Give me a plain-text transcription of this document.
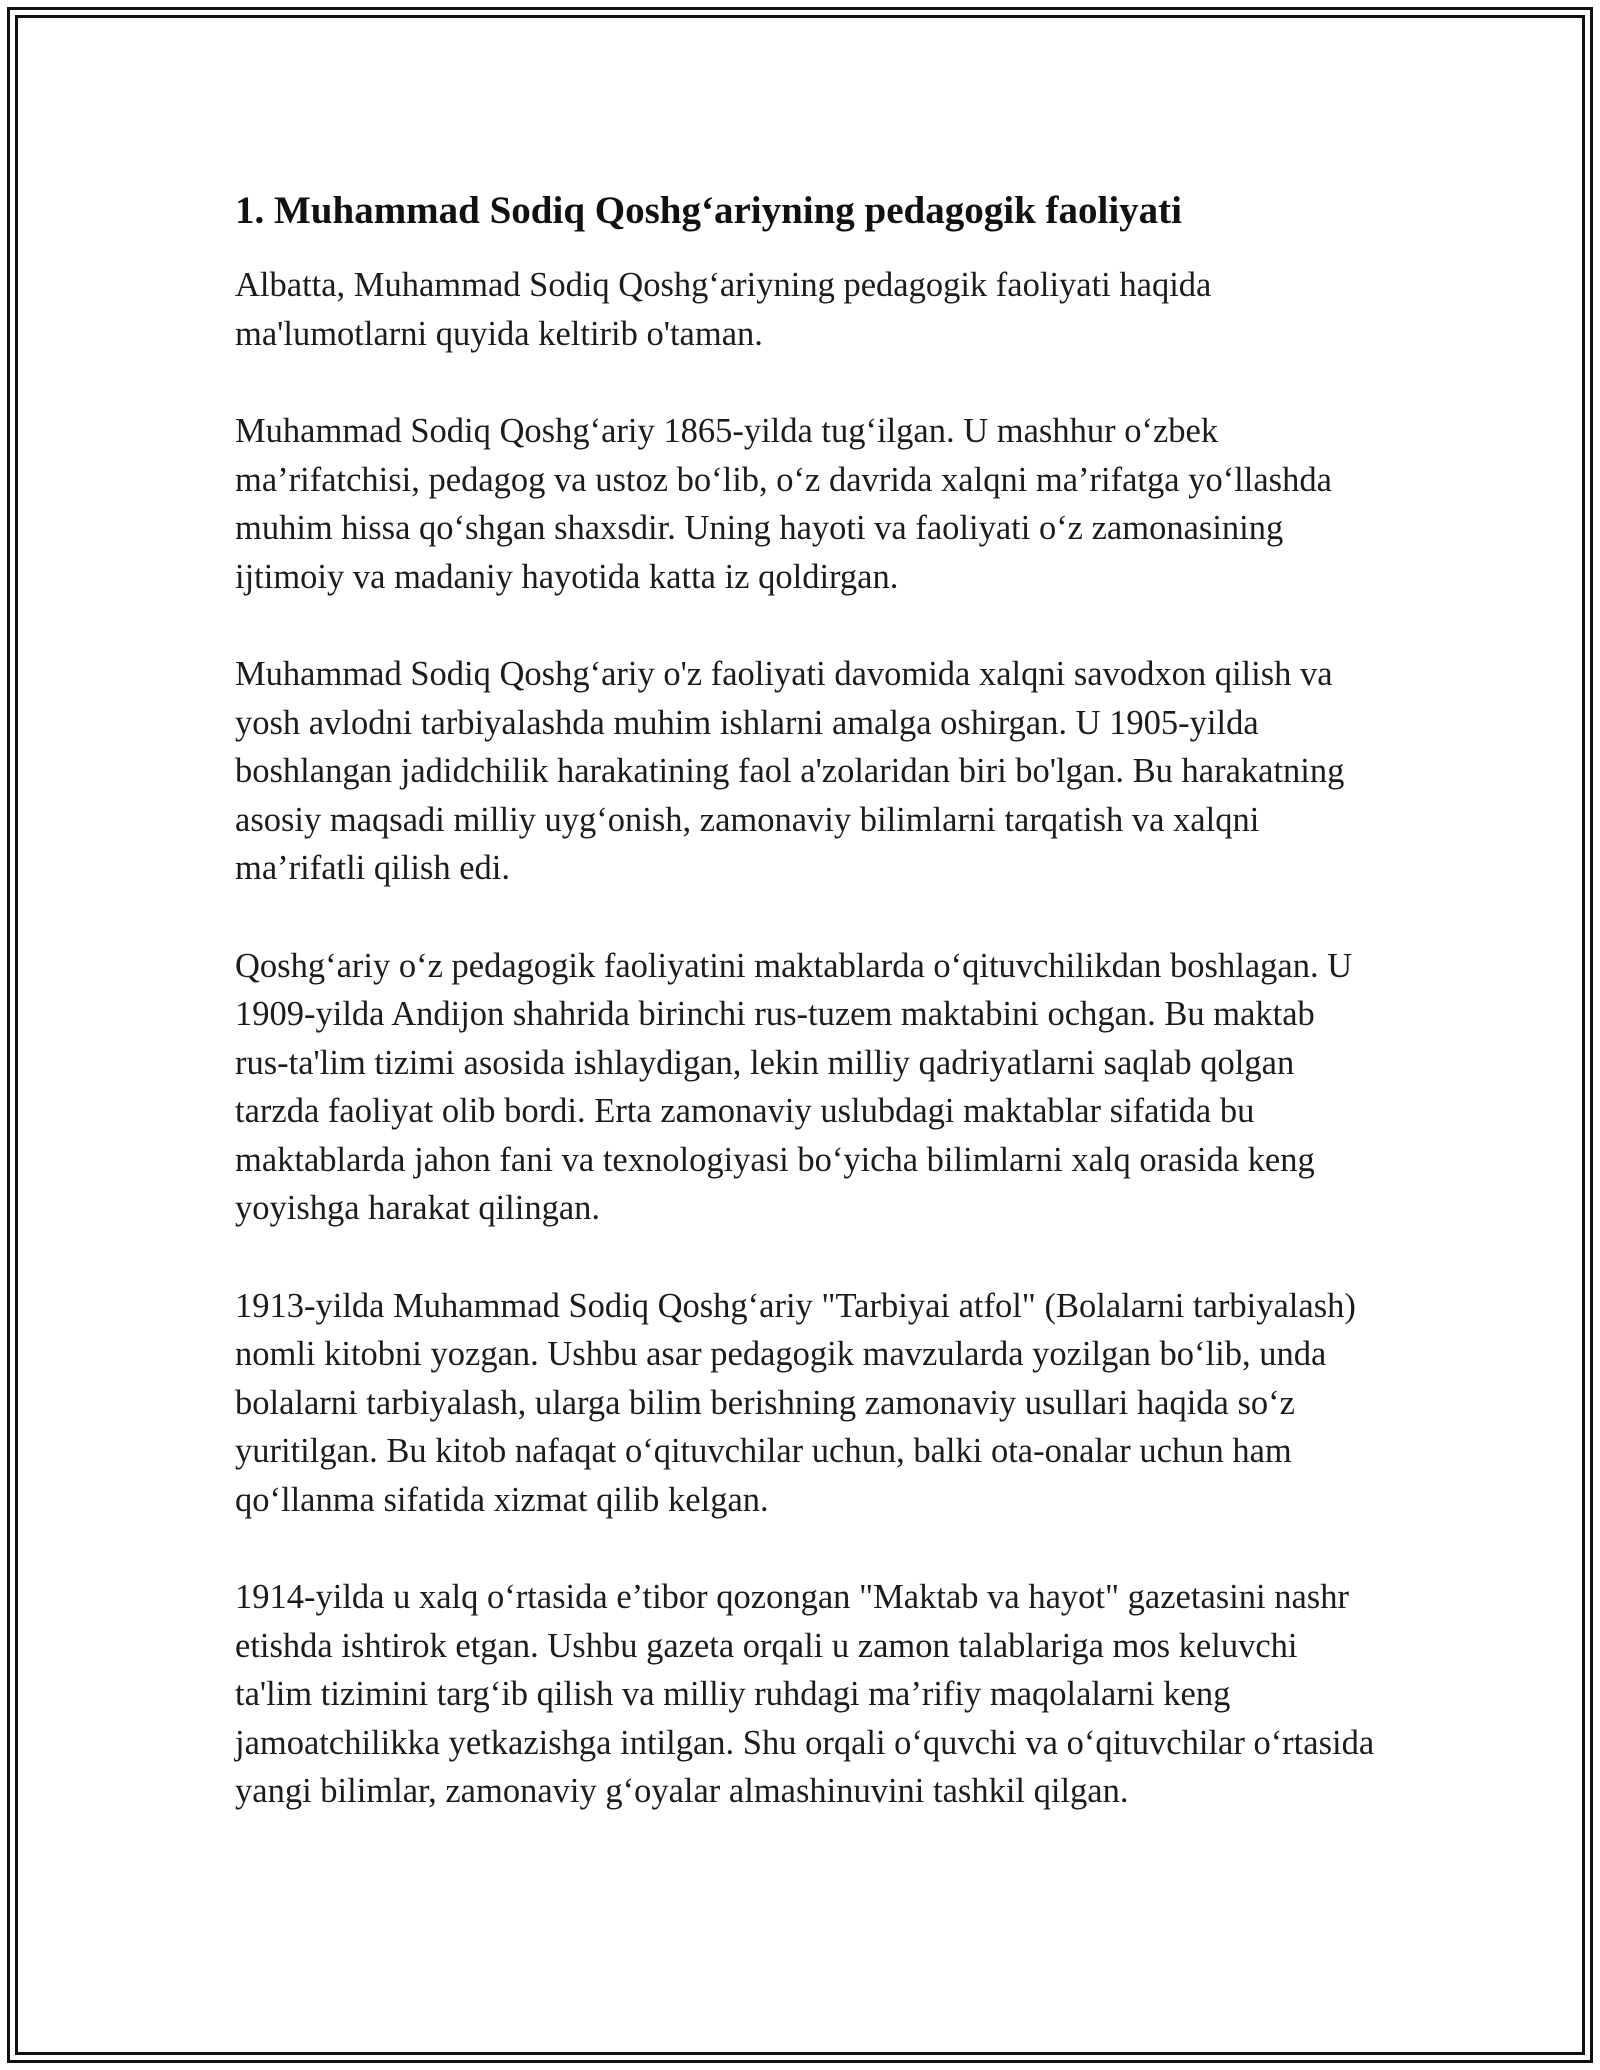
1. Muhammad Sodiq Qoshg‘ariyning pedagogik faoliyati

Albatta, Muhammad Sodiq Qoshg‘ariyning pedagogik faoliyati haqida ma'lumotlarni quyida keltirib o'taman.

Muhammad Sodiq Qoshg‘ariy 1865-yilda tug‘ilgan. U mashhur o‘zbek ma’rifatchisi, pedagog va ustoz bo‘lib, o‘z davrida xalqni ma’rifatga yo‘llashda muhim hissa qo‘shgan shaxsdir. Uning hayoti va faoliyati o‘z zamonasining ijtimoiy va madaniy hayotida katta iz qoldirgan.

Muhammad Sodiq Qoshg‘ariy o'z faoliyati davomida xalqni savodxon qilish va yosh avlodni tarbiyalashda muhim ishlarni amalga oshirgan. U 1905-yilda boshlangan jadidchilik harakatining faol a'zolaridan biri bo'lgan. Bu harakatning asosiy maqsadi milliy uyg‘onish, zamonaviy bilimlarni tarqatish va xalqni ma’rifatli qilish edi.

Qoshg‘ariy o‘z pedagogik faoliyatini maktablarda o‘qituvchilikdan boshlagan. U 1909-yilda Andijon shahrida birinchi rus-tuzem maktabini ochgan. Bu maktab rus-ta'lim tizimi asosida ishlaydigan, lekin milliy qadriyatlarni saqlab qolgan tarzda faoliyat olib bordi. Erta zamonaviy uslubdagi maktablar sifatida bu maktablarda jahon fani va texnologiyasi bo‘yicha bilimlarni xalq orasida keng yoyishga harakat qilingan.

1913-yilda Muhammad Sodiq Qoshg‘ariy "Tarbiyai atfol" (Bolalarni tarbiyalash) nomli kitobni yozgan. Ushbu asar pedagogik mavzularda yozilgan bo‘lib, unda bolalarni tarbiyalash, ularga bilim berishning zamonaviy usullari haqida so‘z yuritilgan. Bu kitob nafaqat o‘qituvchilar uchun, balki ota-onalar uchun ham qo‘llanma sifatida xizmat qilib kelgan.

1914-yilda u xalq o‘rtasida e’tibor qozongan "Maktab va hayot" gazetasini nashr etishda ishtirok etgan. Ushbu gazeta orqali u zamon talablariga mos keluvchi ta'lim tizimini targ‘ib qilish va milliy ruhdagi ma’rifiy maqolalarni keng jamoatchilikka yetkazishga intilgan. Shu orqali o‘quvchi va o‘qituvchilar o‘rtasida yangi bilimlar, zamonaviy g‘oyalar almashinuvini tashkil qilgan.
